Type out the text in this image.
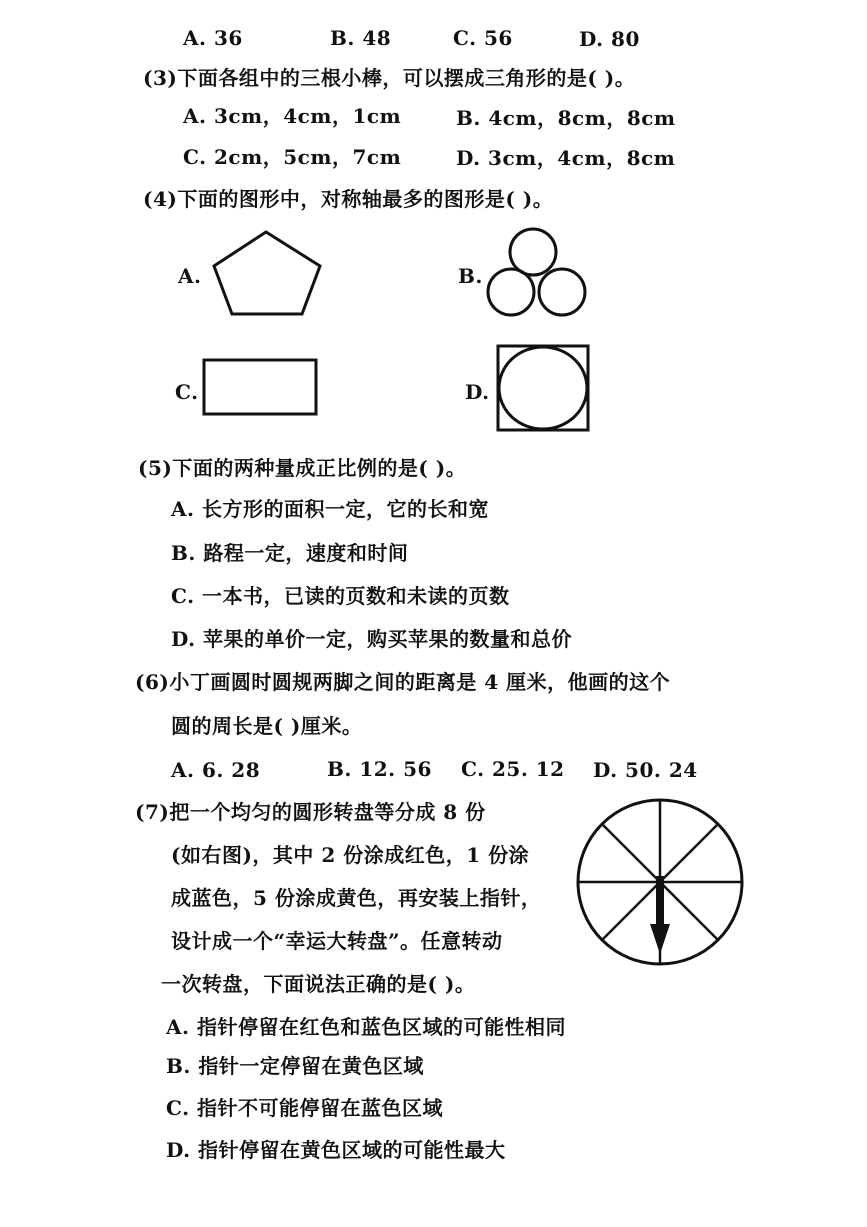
A. 36	B. 48	C. 56	D. 80
(3)下面各组中的三根小棒，可以摆成三角形的是( )。
A. 3cm，4cm，1cm	B. 4cm，8cm，8cm
C. 2cm，5cm，7cm	D. 3cm，4cm，8cm
(4)下面的图形中，对称轴最多的图形是( )。
A.	B.
C.	D.
(5)下面的两种量成正比例的是( )。
A. 长方形的面积一定，它的长和宽
B. 路程一定，速度和时间
C. 一本书，已读的页数和未读的页数
D. 苹果的单价一定，购买苹果的数量和总价
(6)小丁画圆时圆规两脚之间的距离是 4 厘米，他画的这个
圆的周长是( )厘米。
A. 6. 28	B. 12. 56 C. 25. 12 D. 50. 24
(7)把一个均匀的圆形转盘等分成 8 份
(如右图)，其中 2 份涂成红色，1 份涂
成蓝色，5 份涂成黄色，再安装上指针，
设计成一个“幸运大转盘”。任意转动
一次转盘，下面说法正确的是( )。
A. 指针停留在红色和蓝色区域的可能性相同
B. 指针一定停留在黄色区域
C. 指针不可能停留在蓝色区域
D. 指针停留在黄色区域的可能性最大
